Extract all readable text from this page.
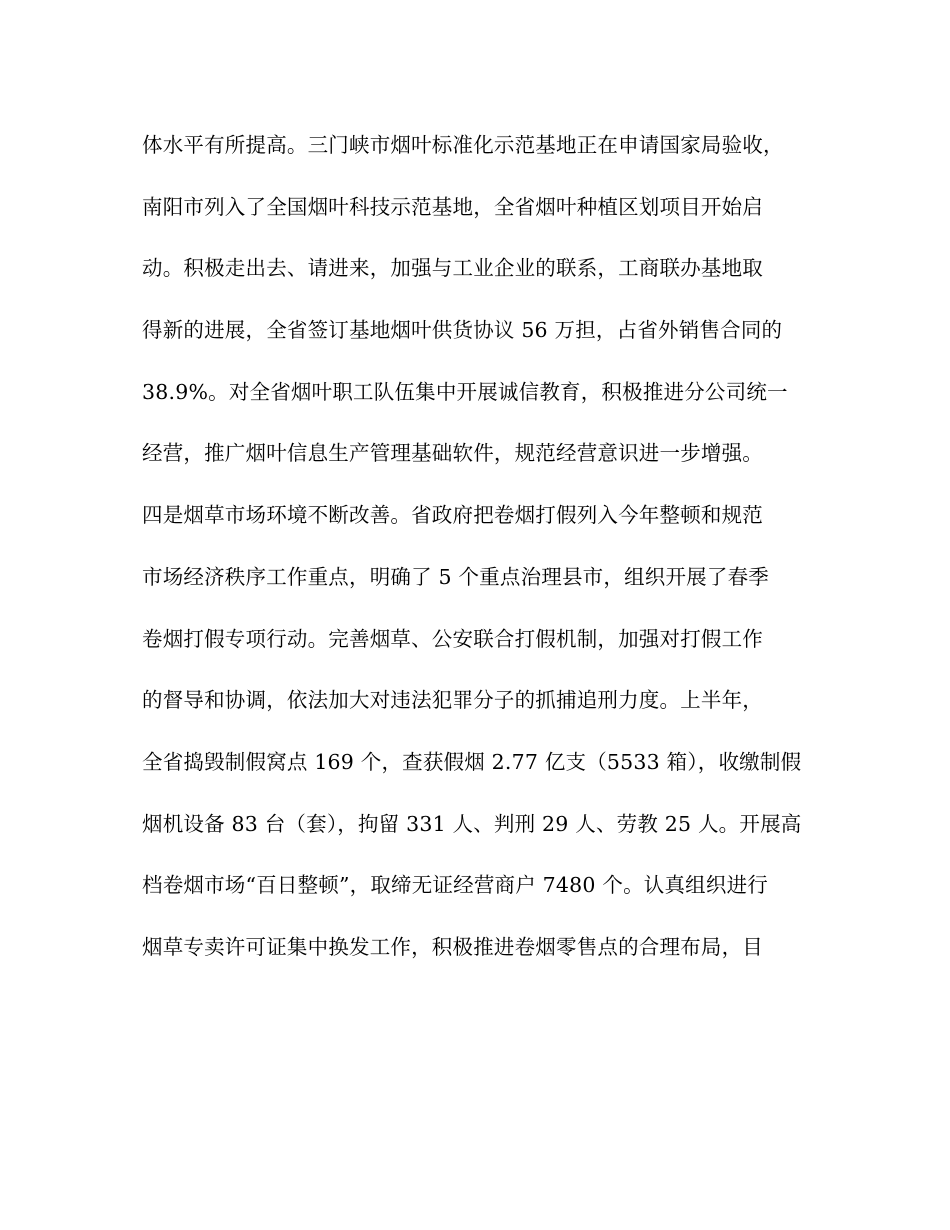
体水平有所提高。三门峡市烟叶标准化示范基地正在申请国家局验收，
南阳市列入了全国烟叶科技示范基地，全省烟叶种植区划项目开始启
动。积极走出去、请进来，加强与工业企业的联系，工商联办基地取
得新的进展，全省签订基地烟叶供货协议 56 万担，占省外销售合同的
38.9%。对全省烟叶职工队伍集中开展诚信教育，积极推进分公司统一
经营，推广烟叶信息生产管理基础软件，规范经营意识进一步增强。
四是烟草市场环境不断改善。省政府把卷烟打假列入今年整顿和规范
市场经济秩序工作重点，明确了 5 个重点治理县市，组织开展了春季
卷烟打假专项行动。完善烟草、公安联合打假机制，加强对打假工作
的督导和协调，依法加大对违法犯罪分子的抓捕追刑力度。上半年，
全省捣毁制假窝点 169 个，查获假烟 2.77 亿支（5533 箱），收缴制假
烟机设备 83 台（套），拘留 331 人、判刑 29 人、劳教 25 人。开展高
档卷烟市场“百日整顿”，取缔无证经营商户 7480 个。认真组织进行
烟草专卖许可证集中换发工作，积极推进卷烟零售点的合理布局，目
